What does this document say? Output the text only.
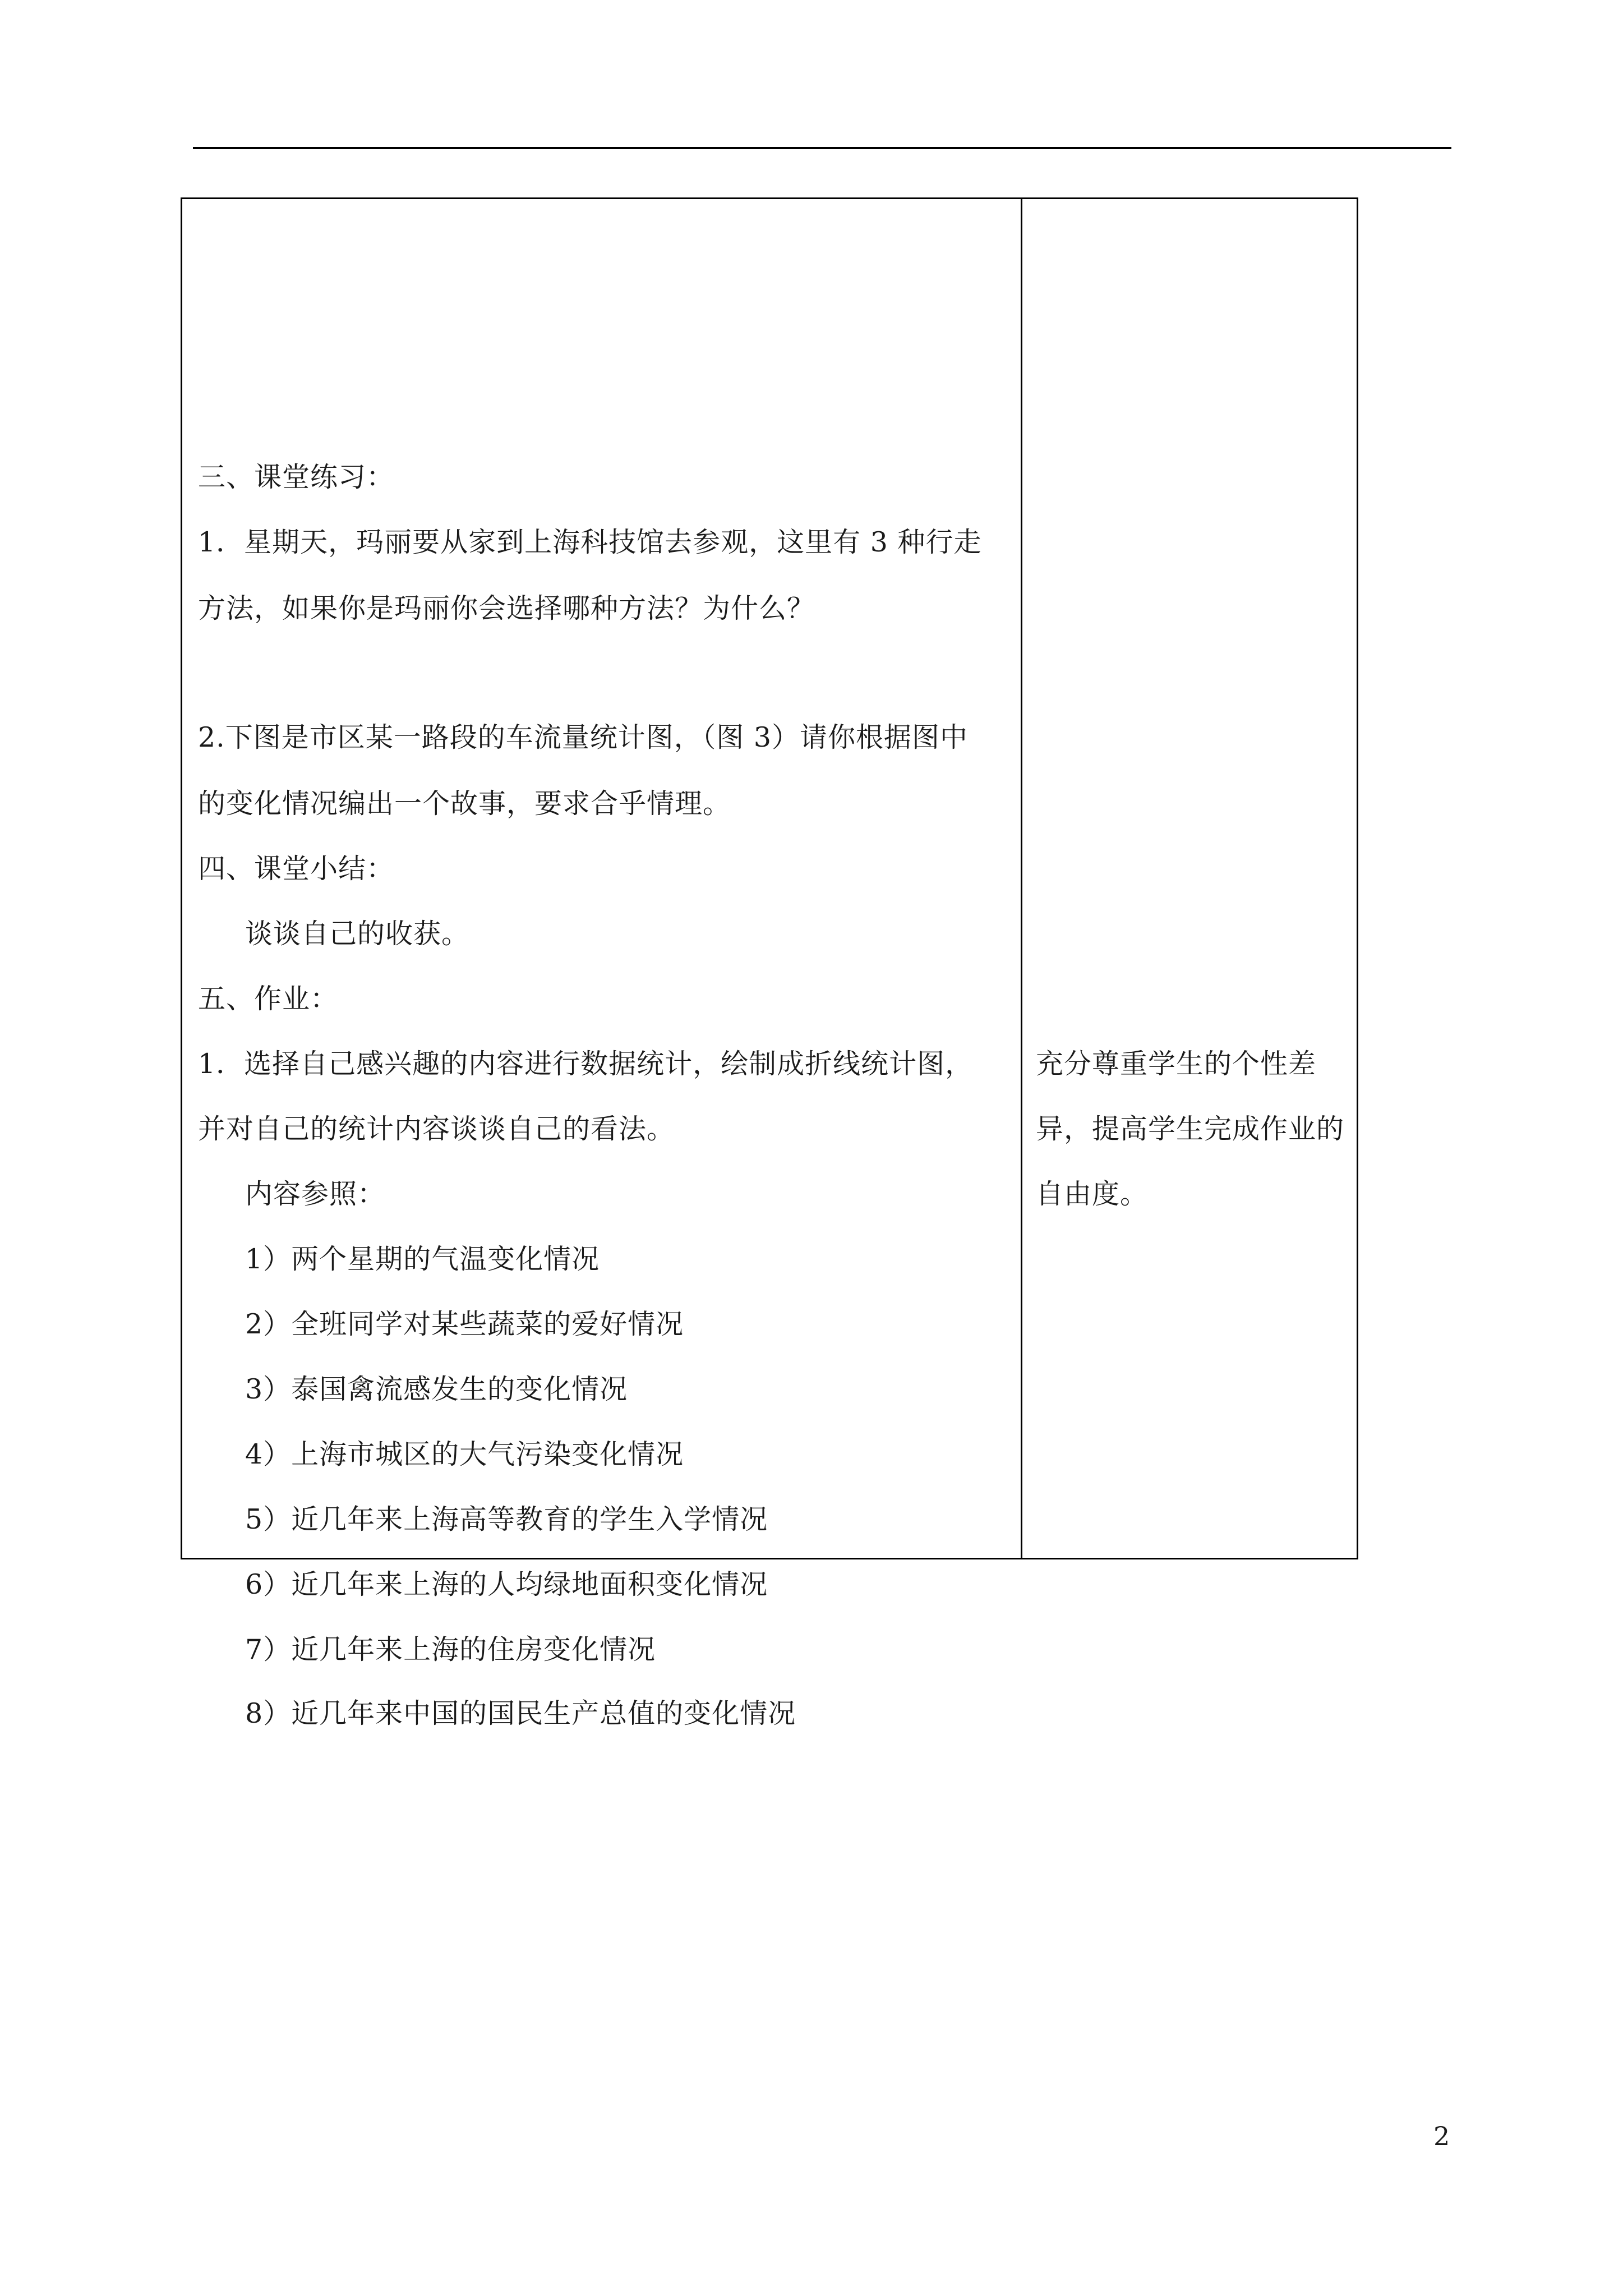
三、课堂练习：
1．星期天，玛丽要从家到上海科技馆去参观，这里有 3 种行走
方法，如果你是玛丽你会选择哪种方法？为什么？
2.下图是市区某一路段的车流量统计图，（图 3）请你根据图中
的变化情况编出一个故事，要求合乎情理。
四、课堂小结：
谈谈自己的收获。
五、作业：
1．选择自己感兴趣的内容进行数据统计，绘制成折线统计图，
并对自己的统计内容谈谈自己的看法。
内容参照：
1）两个星期的气温变化情况
2）全班同学对某些蔬菜的爱好情况
3）泰国禽流感发生的变化情况
4）上海市城区的大气污染变化情况
5）近几年来上海高等教育的学生入学情况
6）近几年来上海的人均绿地面积变化情况
7）近几年来上海的住房变化情况
8）近几年来中国的国民生产总值的变化情况
充分尊重学生的个性差
异，提高学生完成作业的
自由度。
2
